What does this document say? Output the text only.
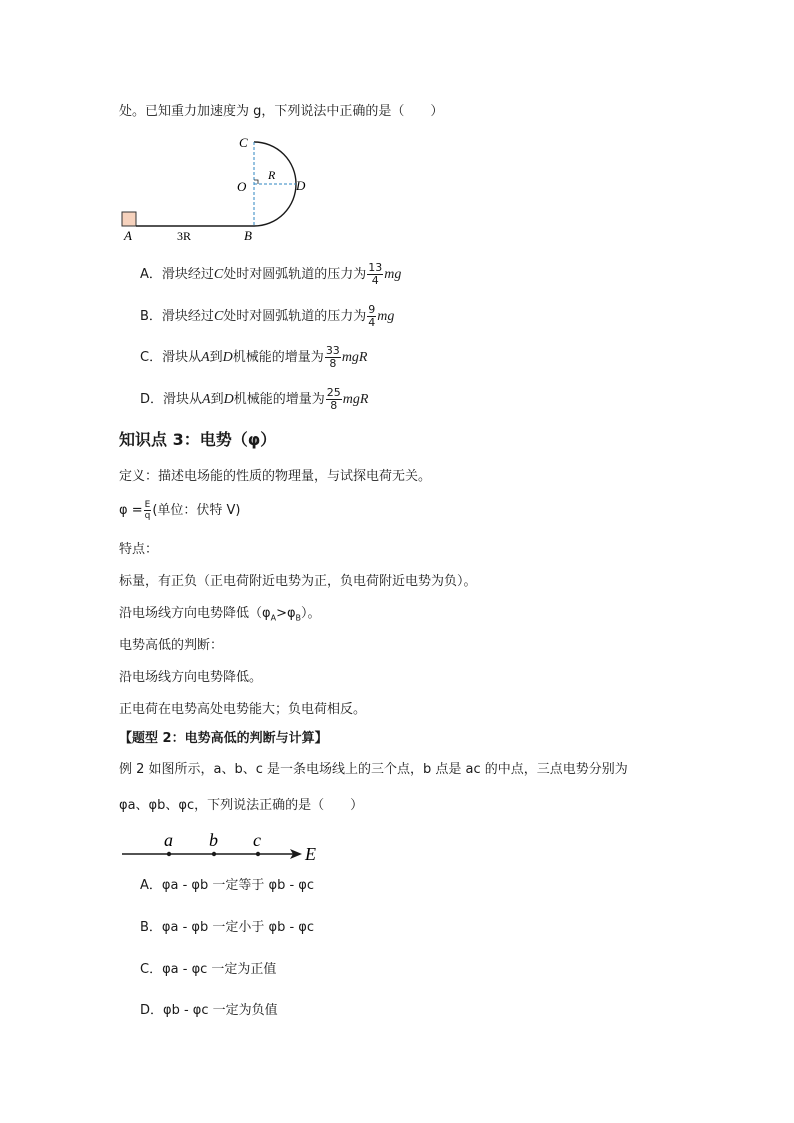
处。已知重力加速度为 g，下列说法中正确的是（　　）
C
O	D
R
A	3R	B
A． 滑块经过 C 处时对圆弧轨道的压力为 $\frac{13}{4}$ mg
B． 滑块经过 C 处时对圆弧轨道的压力为 $\frac{9}{4}$ mg
C． 滑块从 A 到 D 机械能的增量为 $\frac{33}{8}$ mgR
D． 滑块从 A 到 D 机械能的增量为 $\frac{25}{8}$ mgR
知识点 3：电势（φ）
定义：描述电场能的性质的物理量，与试探电荷无关。
$\varphi = \frac{E}{q}$ (单位：伏特 V)
特点：
标量，有正负（正电荷附近电势为正，负电荷附近电势为负）。
沿电场线方向电势降低$(\varphi_A>\varphi_B)$。
电势高低的判断：
沿电场线方向电势降低。
正电荷在电势高处电势能大；负电荷相反。
【题型 2：电势高低的判断与计算】
例 2 如图所示，a、b、c 是一条电场线上的三个点，b 点是 ac 的中点，三点电势分别为
φa、φb、φc，下列说法正确的是（　　）
a b c
E
A． φa - φb 一定等于 φb - φc
B． φa - φb 一定小于 φb - φc
C． φa - φc 一定为正值
D． φb - φc 一定为负值
